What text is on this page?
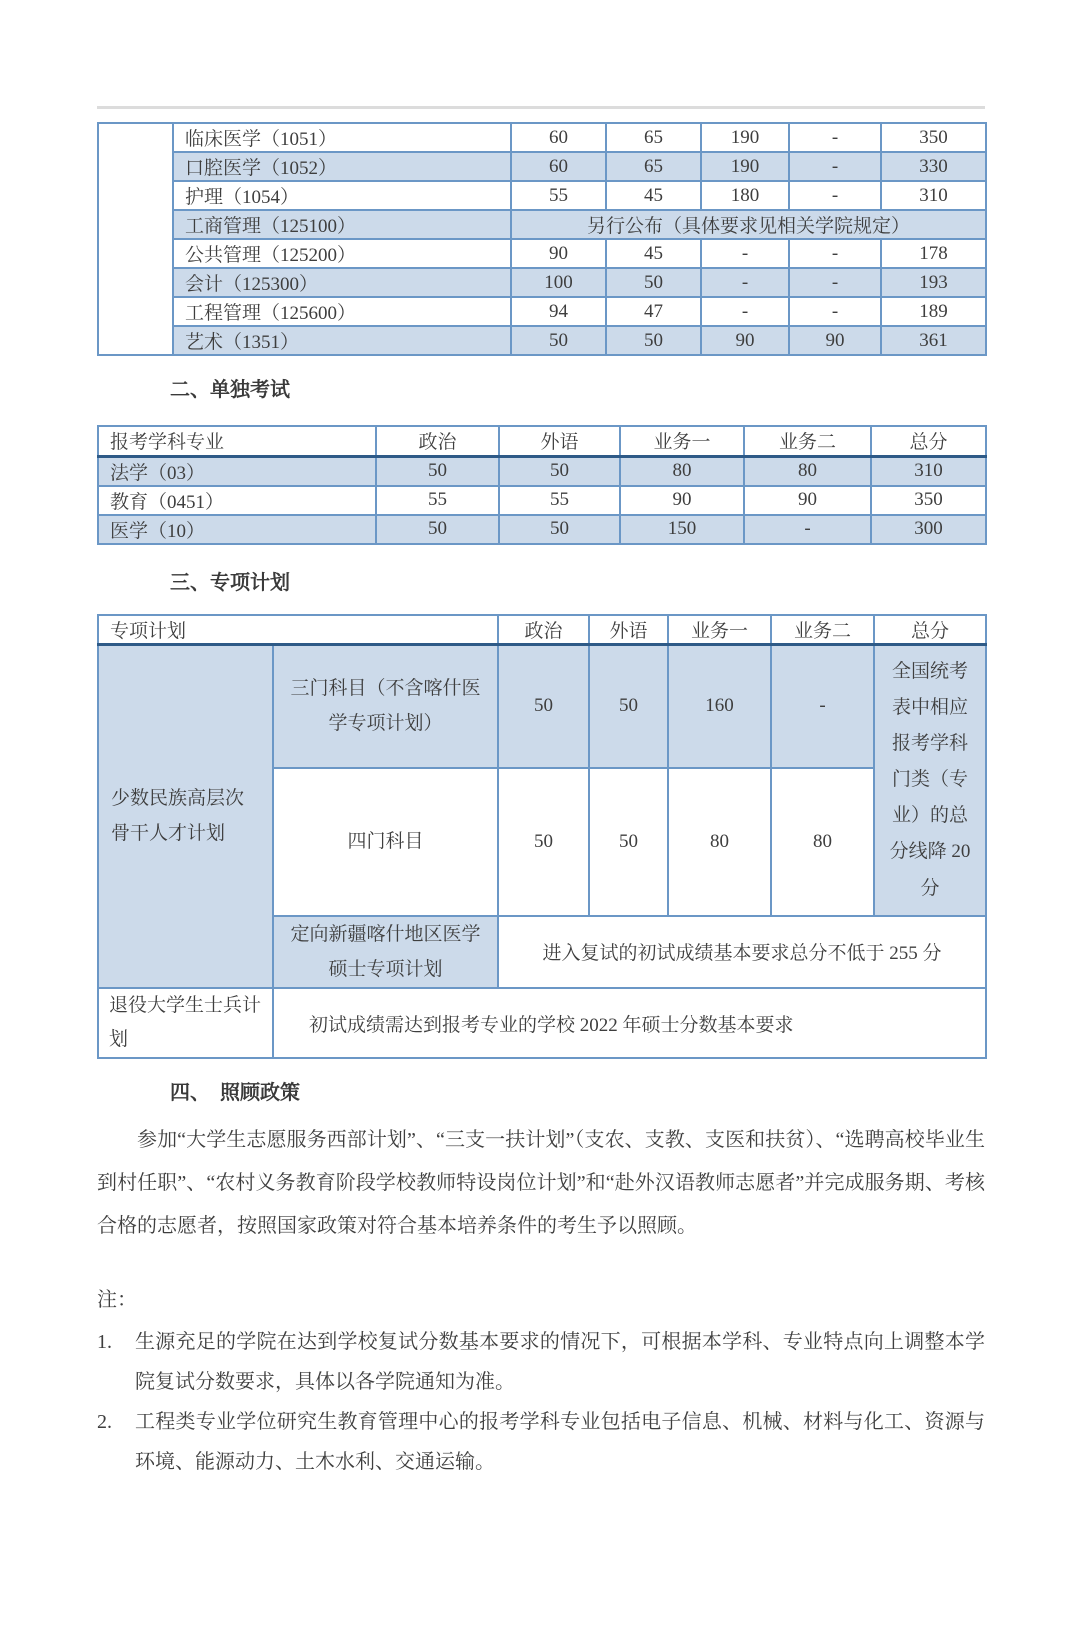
	临床医学（1051）	60	65	190	-	350
	口腔医学（1052）	60	65	190	-	330
	护理（1054）	55	45	180	-	310
	工商管理（125100）	另行公布（具体要求见相关学院规定）				
	公共管理（125200）	90	45	-	-	178
	会计（125300）	100	50	-	-	193
	工程管理（125600）	94	47	-	-	189
	艺术（1351）	50	50	90	90	361
二、单独考试
报考学科专业	政治	外语	业务一	业务二	总分
法学（03）	50	50	80	80	310
教育（0451）	55	55	90	90	350
医学（10）	50	50	150	-	300
三、专项计划
专项计划		政治	外语	业务一	业务二	总分
少数民族高层次骨干人才计划	三门科目（不含喀什医学专项计划）	50	50	160	-	全国统考表中相应报考学科门类（专业）的总分线降 20 分
	四门科目	50	50	80	80	
	定向新疆喀什地区医学硕士专项计划	进入复试的初试成绩基本要求总分不低于 255 分				
退役大学生士兵计划	初试成绩需达到报考专业的学校 2022 年硕士分数基本要求					
四、　照顾政策

参加“大学生志愿服务西部计划”、“三支一扶计划”（支农、支教、支医和扶贫）、“选聘高校毕业生到村任职”、“农村义务教育阶段学校教师特设岗位计划”和“赴外汉语教师志愿者”并完成服务期、考核合格的志愿者，按照国家政策对符合基本培养条件的考生予以照顾。

注：

1.	生源充足的学院在达到学校复试分数基本要求的情况下，可根据本学科、专业特点向上调整本学院复试分数要求，具体以各学院通知为准。
2.	工程类专业学位研究生教育管理中心的报考学科专业包括电子信息、机械、材料与化工、资源与环境、能源动力、土木水利、交通运输。
